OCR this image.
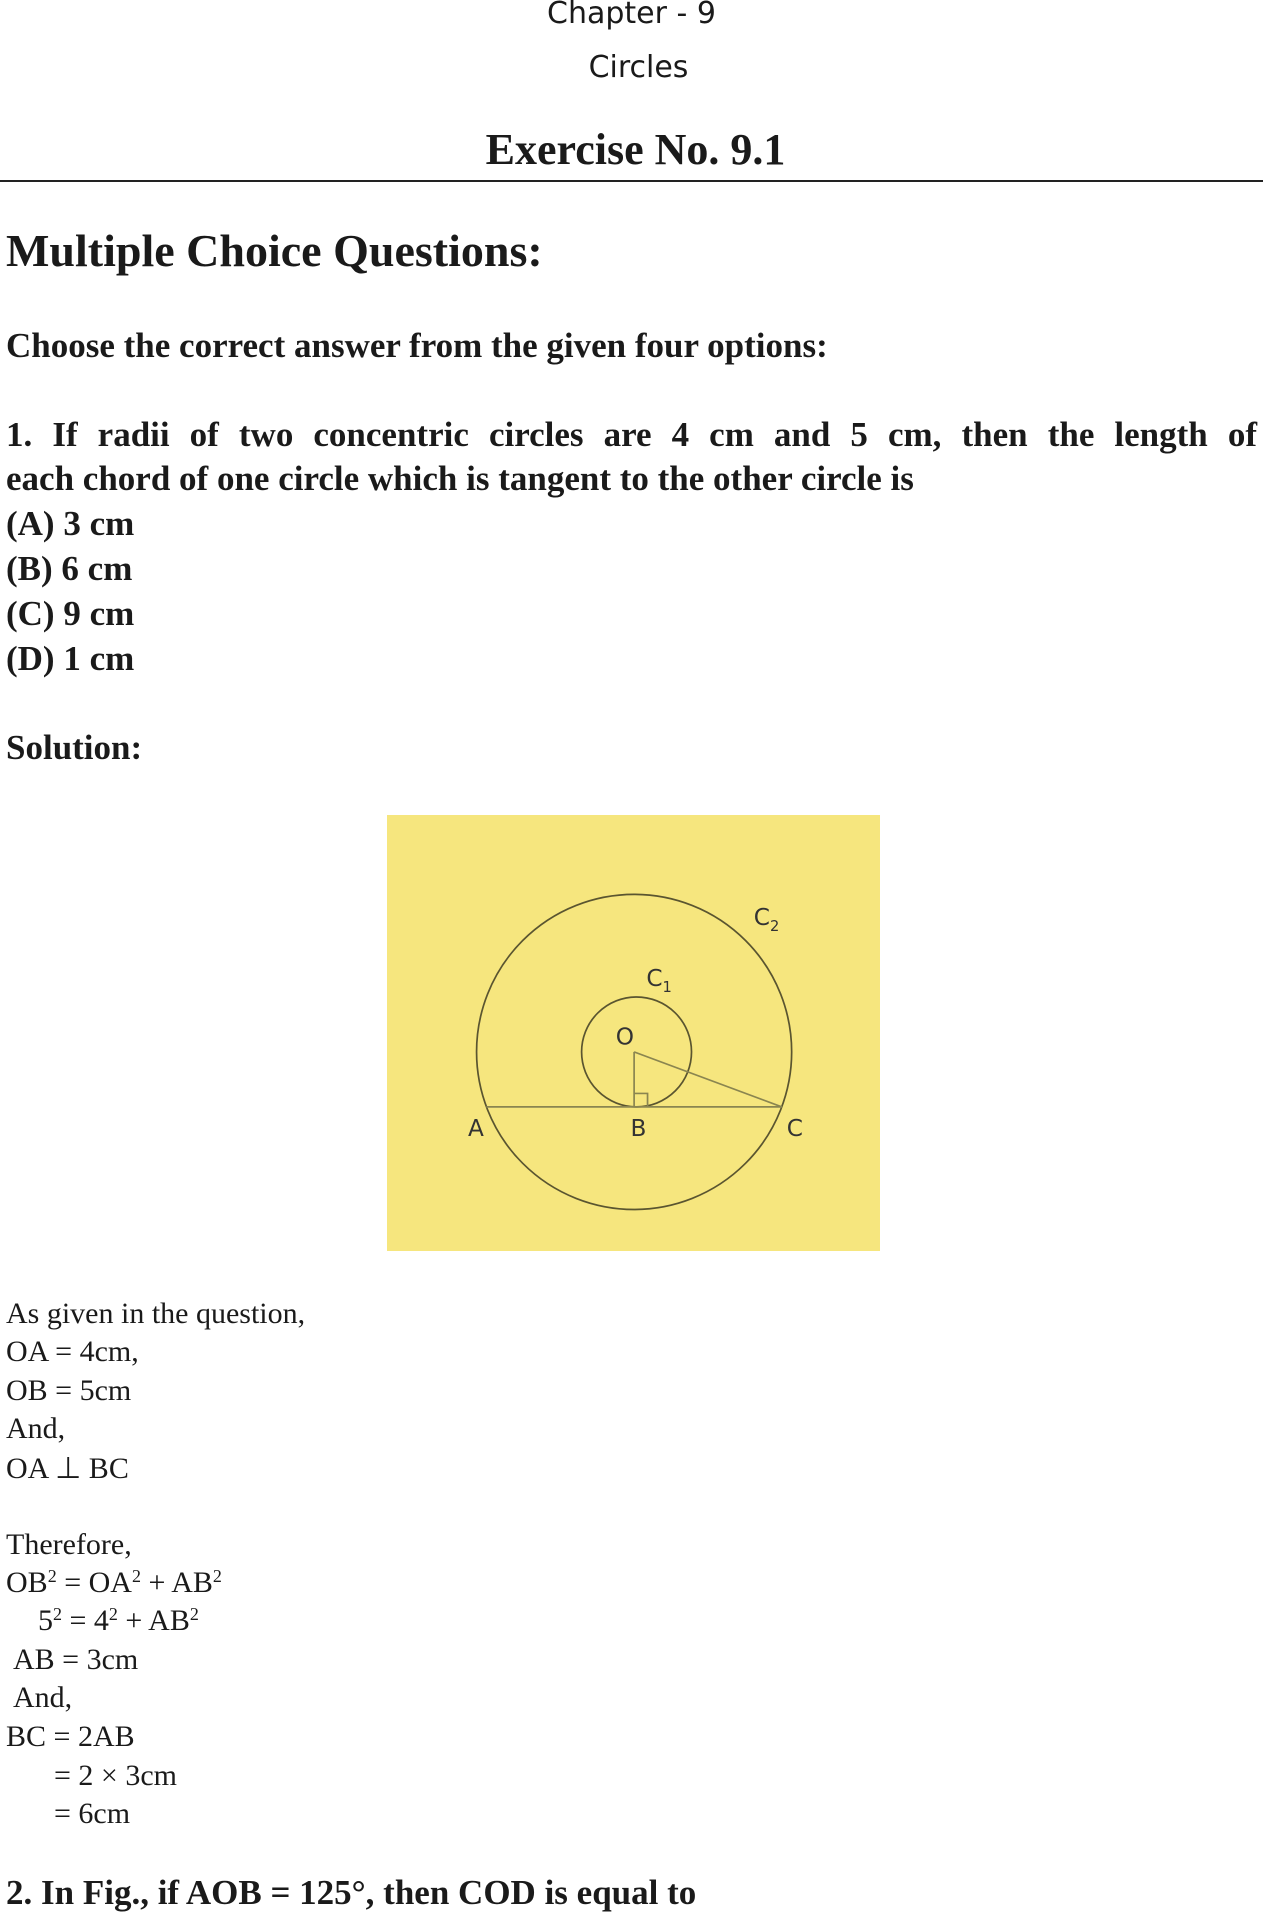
Chapter - 9
Circles
Exercise No. 9.1
Multiple Choice Questions:
Choose the correct answer from the given four options:
1. If radii of two concentric circles are 4 cm and 5 cm, then the length of
each chord of one circle which is tangent to the other circle is
(A) 3 cm
(B) 6 cm
(C) 9 cm
(D) 1 cm
Solution:
$C_2$
$C_1$
O
A	B	C
As given in the question,
OA = 4cm,
OB = 5cm
And,
OA ⊥ BC
Therefore,
$OB^2 = OA^2 + AB^2$
$5^2 = 4^2 + AB^2$
AB = 3cm
And,
BC = 2AB
= 2 × 3cm
= 6cm
2. In Fig., if AOB = 125°, then COD is equal to
